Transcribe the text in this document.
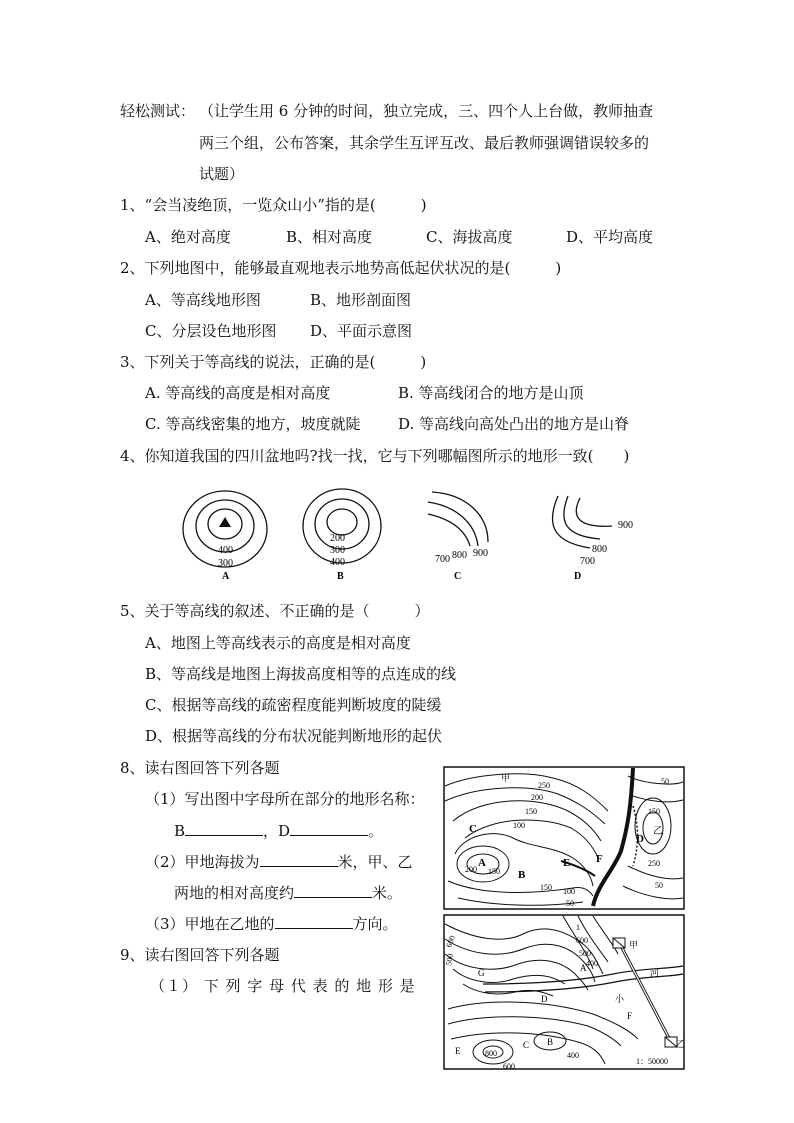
轻松测试： （让学生用 6 分钟的时间，独立完成，三、四个人上台做，教师抽查
两三个组，公布答案，其余学生互评互改、最后教师强调错误较多的
试题）
1、“会当凌绝顶，一览众山小”指的是(　　　)
A、绝对高度	B、相对高度	C、海拔高度	D、平均高度
2、下列地图中，能够最直观地表示地势高低起伏状况的是(　　　)
A、等高线地形图	B、地形剖面图
C、分层设色地形图 D、平面示意图
3、下列关于等高线的说法，正确的是(　　　)
A. 等高线的高度是相对高度	B. 等高线闭合的地方是山顶
C. 等高线密集的地方，坡度就陡	D. 等高线向高处凸出的地方是山脊
4、你知道我国的四川盆地吗?找一找，它与下列哪幅图所示的地形一致(　　)
400
300
A
200
300
400
B
700 800 900
C
900
800
700
D
5、关于等高线的叙述、不正确的是（　　　）
A、地图上等高线表示的高度是相对高度
B、等高线是地图上海拔高度相等的点连成的线
C、根据等高线的疏密程度能判断坡度的陡缓
D、根据等高线的分布状况能判断地形的起伏
8、读右图回答下列各题
（1）写出图中字母所在部分的地形名称：
B	，D	。
（2）甲地海拔为	米，甲、乙
两地的相对高度约	米。
（3）甲地在乙地的	方向。
甲
乙
C
A
B
E F
D
250
200
150
100
150
250
200 150
150 100
50
50
50
9、读右图回答下列各题
（１） 下 列 字 母 代 表 的 地 形 是
甲
乙
河
小
1
600
500
400
A
G
D
F
C B
E	800
600
400
500
600
1：50000
